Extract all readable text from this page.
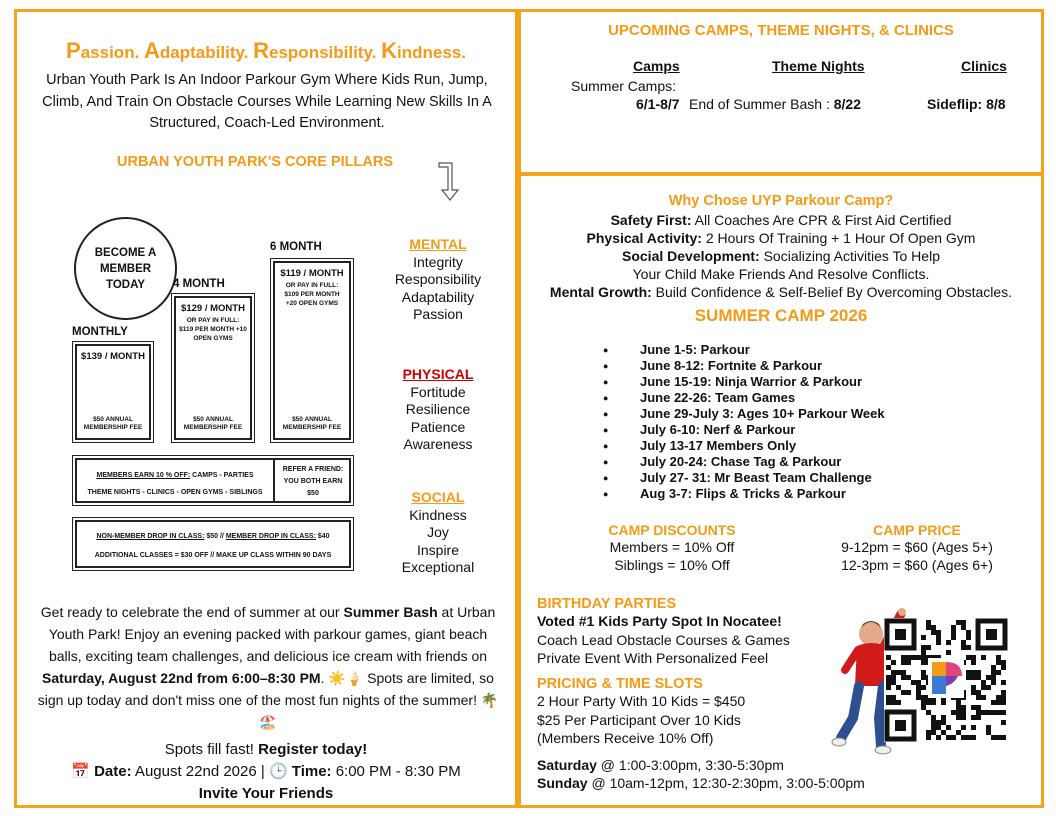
Passion. Adaptability. Responsibility. Kindness.
Urban Youth Park Is An Indoor Parkour Gym Where Kids Run, Jump, Climb, And Train On Obstacle Courses While Learning New Skills In A Structured, Coach-Led Environment.
URBAN YOUTH PARK'S CORE PILLARS
BECOME A MEMBER TODAY
MONTHLY
$139 / MONTH
$50 ANNUAL MEMBERSHIP FEE
4 MONTH
$129 / MONTH
OR PAY IN FULL: $119 PER MONTH +10 OPEN GYMS
$50 ANNUAL MEMBERSHIP FEE
6 MONTH
$119 / MONTH
OR PAY IN FULL: $109 PER MONTH +20 OPEN GYMS
$50 ANNUAL MEMBERSHIP FEE
MEMBERS EARN 10 % OFF: CAMPS - PARTIES
THEME NIGHTS - CLINICS - OPEN GYMS - SIBLINGS
REFER A FRIEND: YOU BOTH EARN $50
NON-MEMBER DROP IN CLASS: $50 // MEMBER DROP IN CLASS: $40
ADDITIONAL CLASSES = $30 OFF // MAKE UP CLASS WITHIN 90 DAYS
MENTAL
Integrity
Responsibility
Adaptability
Passion
PHYSICAL
Fortitude
Resilience
Patience
Awareness
SOCIAL
Kindness
Joy
Inspire
Exceptional
Get ready to celebrate the end of summer at our Summer Bash at Urban Youth Park! Enjoy an evening packed with parkour games, giant beach balls, exciting team challenges, and delicious ice cream with friends on Saturday, August 22nd from 6:00–8:30 PM. ☀️🍦 Spots are limited, so sign up today and don't miss one of the most fun nights of the summer! 🌴🏖️
Spots fill fast! Register today!
📅 Date: August 22nd 2026 | 🕒 Time: 6:00 PM - 8:30 PM
Invite Your Friends
UPCOMING CAMPS, THEME NIGHTS, & CLINICS
Camps	Theme Nights	Clinics
Summer Camps:
6/1-8/7 End of Summer Bash : 8/22	Sideflip: 8/8
Why Chose UYP Parkour Camp?
Safety First: All Coaches Are CPR & First Aid Certified
Physical Activity: 2 Hours Of Training + 1 Hour Of Open Gym
Social Development: Socializing Activities To Help
Your Child Make Friends And Resolve Conflicts.
Mental Growth: Build Confidence & Self-Belief By Overcoming Obstacles.
SUMMER CAMP 2026
● June 1-5: Parkour
● June 8-12: Fortnite & Parkour
● June 15-19: Ninja Warrior & Parkour
● June 22-26: Team Games
● June 29-July 3: Ages 10+ Parkour Week
● July 6-10: Nerf & Parkour
● July 13-17 Members Only
● July 20-24: Chase Tag & Parkour
● July 27- 31: Mr Beast Team Challenge
● Aug 3-7: Flips & Tricks & Parkour
CAMP DISCOUNTS
Members = 10% Off
Siblings = 10% Off
CAMP PRICE
9-12pm = $60 (Ages 5+)
12-3pm = $60 (Ages 6+)
BIRTHDAY PARTIES
Voted #1 Kids Party Spot In Nocatee!
Coach Lead Obstacle Courses & Games
Private Event With Personalized Feel
PRICING & TIME SLOTS
2 Hour Party With 10 Kids = $450
$25 Per Participant Over 10 Kids
(Members Receive 10% Off)
Saturday @ 1:00-3:00pm, 3:30-5:30pm
Sunday @ 10am-12pm, 12:30-2:30pm, 3:00-5:00pm
